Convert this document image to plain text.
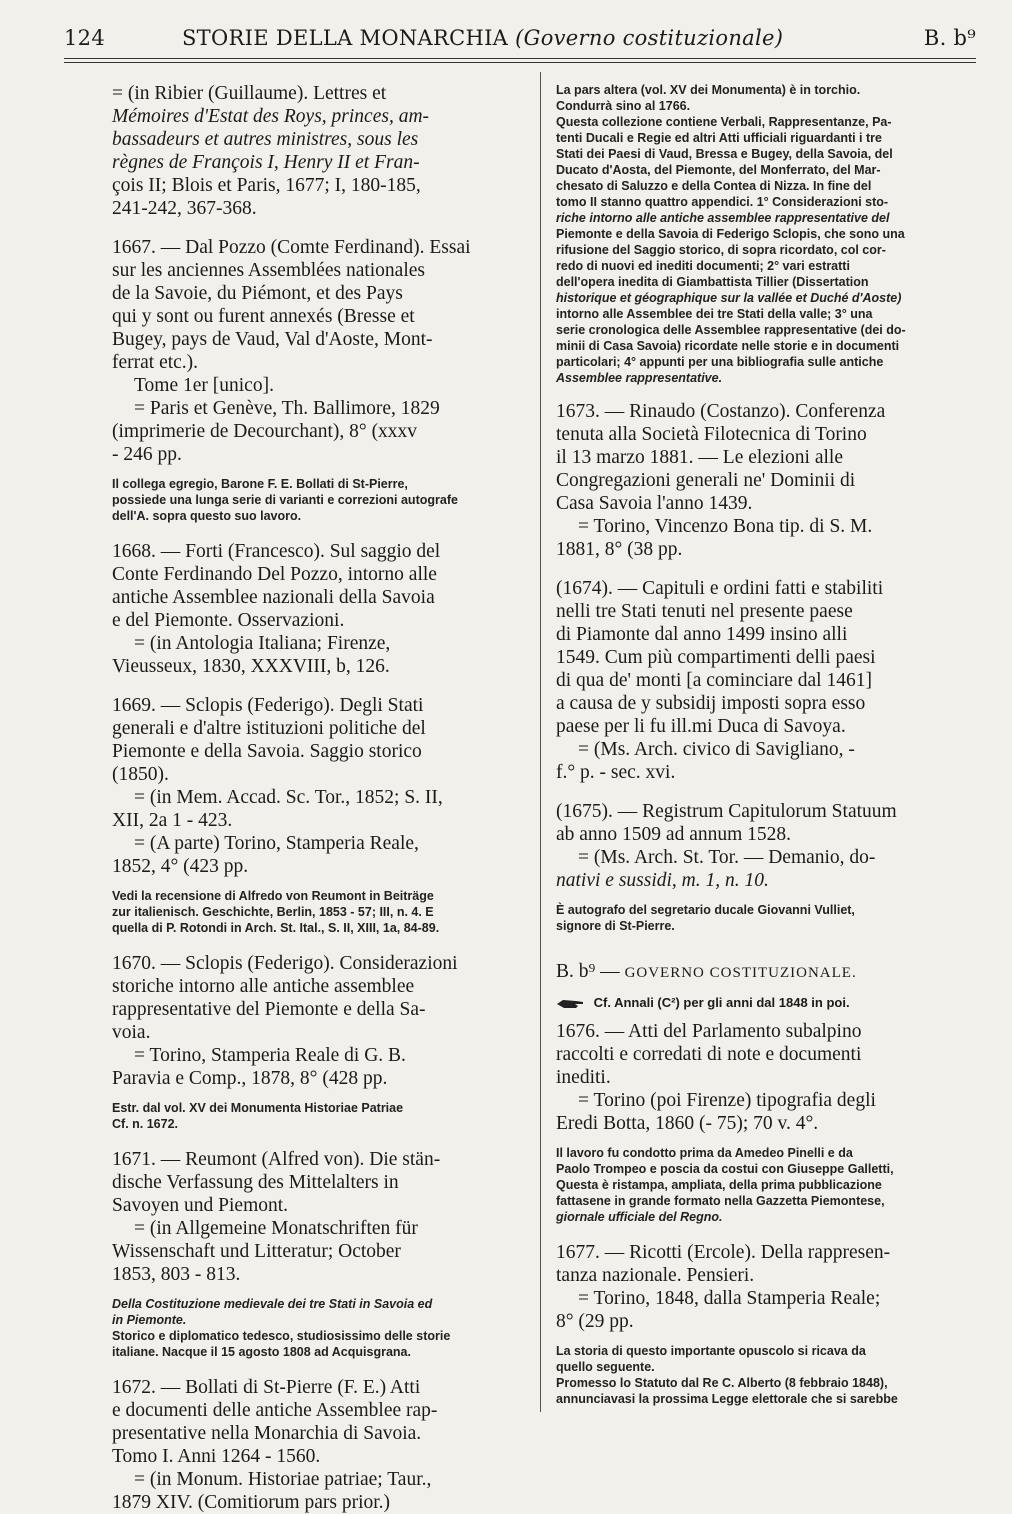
124	STORIE DELLA MONARCHIA (Governo costituzionale)	B. b⁹

= (in Ribier (Guillaume). Lettres et

Mémoires d'Estat des Roys, princes, am-

bassadeurs et autres ministres, sous les

règnes de François I, Henry II et Fran-

çois II; Blois et Paris, 1677; I, 180-185,

241-242, 367-368.

1667. — Dal Pozzo (Comte Ferdinand). Essai

sur les anciennes Assemblées nationales

de la Savoie, du Piémont, et des Pays

qui y sont ou furent annexés (Bresse et

Bugey, pays de Vaud, Val d'Aoste, Mont-

ferrat etc.).

Tome 1er [unico].

= Paris et Genève, Th. Ballimore, 1829

(imprimerie de Decourchant), 8° (xxxv

- 246 pp.

Il collega egregio, Barone F. E. Bollati di St-Pierre,
possiede una lunga serie di varianti e correzioni autografe
dell'A. sopra questo suo lavoro.

1668. — Forti (Francesco). Sul saggio del

Conte Ferdinando Del Pozzo, intorno alle

antiche Assemblee nazionali della Savoia

e del Piemonte. Osservazioni.

= (in Antologia Italiana; Firenze,

Vieusseux, 1830, XXXVIII, b, 126.

1669. — Sclopis (Federigo). Degli Stati

generali e d'altre istituzioni politiche del

Piemonte e della Savoia. Saggio storico

(1850).

= (in Mem. Accad. Sc. Tor., 1852; S. II,

XII, 2a 1 - 423.

= (A parte) Torino, Stamperia Reale,

1852, 4° (423 pp.

Vedi la recensione di Alfredo von Reumont in Beiträge
zur italienisch. Geschichte, Berlin, 1853 - 57; III, n. 4. E
quella di P. Rotondi in Arch. St. Ital., S. II, XIII, 1a, 84-89.

1670. — Sclopis (Federigo). Considerazioni

storiche intorno alle antiche assemblee

rappresentative del Piemonte e della Sa-

voia.

= Torino, Stamperia Reale di G. B.

Paravia e Comp., 1878, 8° (428 pp.

Estr. dal vol. XV dei Monumenta Historiae Patriae
Cf. n. 1672.

1671. — Reumont (Alfred von). Die stän-

dische Verfassung des Mittelalters in

Savoyen und Piemont.

= (in Allgemeine Monatschriften für

Wissenschaft und Litteratur; October

1853, 803 - 813.

Della Costituzione medievale dei tre Stati in Savoia ed
in Piemonte.
Storico e diplomatico tedesco, studiosissimo delle storie
italiane. Nacque il 15 agosto 1808 ad Acquisgrana.

1672. — Bollati di St-Pierre (F. E.) Atti

e documenti delle antiche Assemblee rap-

presentative nella Monarchia di Savoia.

Tomo I. Anni 1264 - 1560.

= (in Monum. Historiae patriae; Taur.,

1879 XIV. (Comitiorum pars prior.)

La pars altera (vol. XV dei Monumenta) è in torchio.
Condurrà sino al 1766.
Questa collezione contiene Verbali, Rappresentanze, Pa-
tenti Ducali e Regie ed altri Atti ufficiali riguardanti i tre
Stati dei Paesi di Vaud, Bressa e Bugey, della Savoia, del
Ducato d'Aosta, del Piemonte, del Monferrato, del Mar-
chesato di Saluzzo e della Contea di Nizza. In fine del
tomo II stanno quattro appendici. 1° Considerazioni sto-
riche intorno alle antiche assemblee rappresentative del
Piemonte e della Savoia di Federigo Sclopis, che sono una
rifusione del Saggio storico, di sopra ricordato, col cor-
redo di nuovi ed inediti documenti; 2° vari estratti
dell'opera inedita di Giambattista Tillier (Dissertation
historique et géographique sur la vallée et Duché d'Aoste)
intorno alle Assemblee dei tre Stati della valle; 3° una
serie cronologica delle Assemblee rappresentative (dei do-
minii di Casa Savoia) ricordate nelle storie e in documenti
particolari; 4° appunti per una bibliografia sulle antiche
Assemblee rappresentative.

1673. — Rinaudo (Costanzo). Conferenza

tenuta alla Società Filotecnica di Torino

il 13 marzo 1881. — Le elezioni alle

Congregazioni generali ne' Dominii di

Casa Savoia l'anno 1439.

= Torino, Vincenzo Bona tip. di S. M.

1881, 8° (38 pp.

(1674). — Capituli e ordini fatti e stabiliti

nelli tre Stati tenuti nel presente paese

di Piamonte dal anno 1499 insino alli

1549. Cum più compartimenti delli paesi

di qua de' monti [a cominciare dal 1461]

a causa de y subsidij imposti sopra esso

paese per li fu ill.mi Duca di Savoya.

= (Ms. Arch. civico di Savigliano, -

f.° p. - sec. xvi.

(1675). — Registrum Capitulorum Statuum

ab anno 1509 ad annum 1528.

= (Ms. Arch. St. Tor. — Demanio, do-

nativi e sussidi, m. 1, n. 10.

È autografo del segretario ducale Giovanni Vulliet,
signore di St-Pierre.
B. b⁹ — GOVERNO COSTITUZIONALE.
Cf. Annali (C²) per gli anni dal 1848 in poi.

1676. — Atti del Parlamento subalpino

raccolti e corredati di note e documenti

inediti.

= Torino (poi Firenze) tipografia degli

Eredi Botta, 1860 (- 75); 70 v. 4°.

Il lavoro fu condotto prima da Amedeo Pinelli e da
Paolo Trompeo e poscia da costui con Giuseppe Galletti,
Questa è ristampa, ampliata, della prima pubblicazione
fattasene in grande formato nella Gazzetta Piemontese,
giornale ufficiale del Regno.

1677. — Ricotti (Ercole). Della rappresen-

tanza nazionale. Pensieri.

= Torino, 1848, dalla Stamperia Reale;

8° (29 pp.

La storia di questo importante opuscolo si ricava da
quello seguente.
Promesso lo Statuto dal Re C. Alberto (8 febbraio 1848),
annunciavasi la prossima Legge elettorale che si sarebbe
